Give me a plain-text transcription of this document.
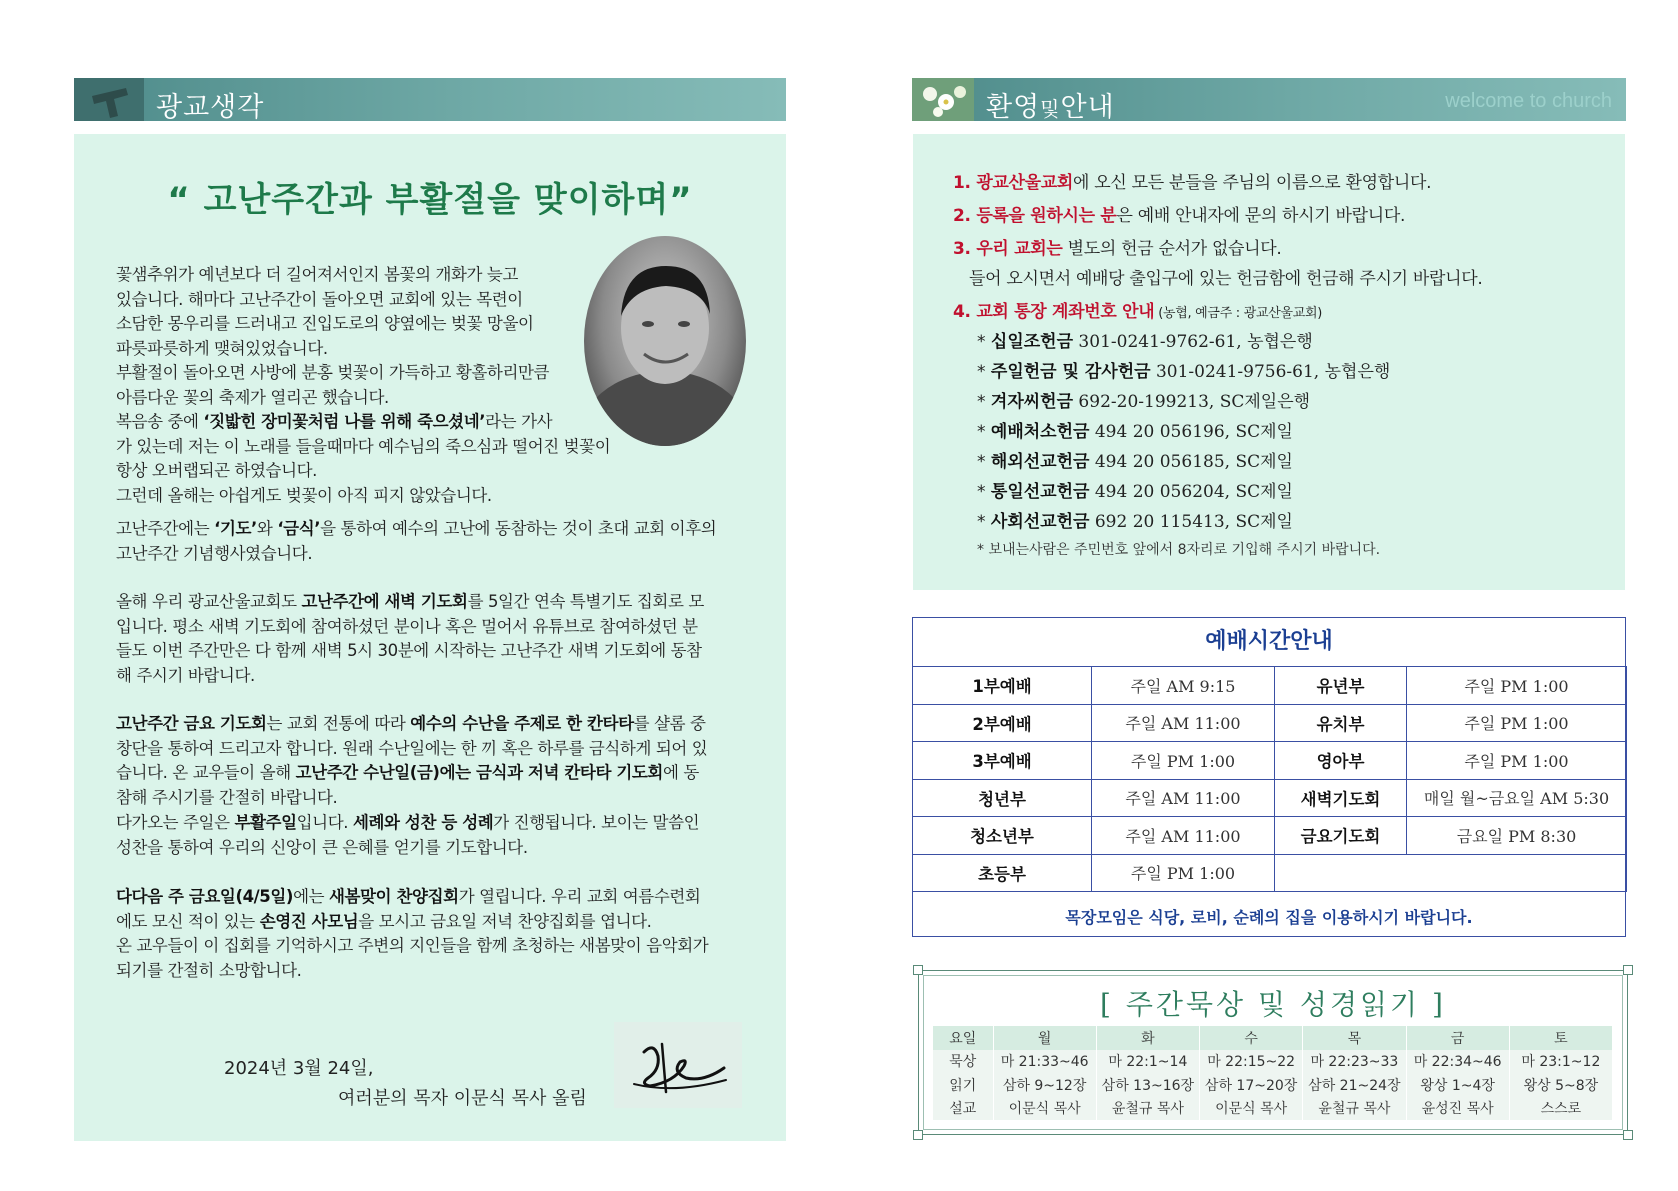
광교생각
“ 고난주간과 부활절을 맞이하며”
꽃샘추위가 예년보다 더 길어져서인지 봄꽃의 개화가 늦고
있습니다. 해마다 고난주간이 돌아오면 교회에 있는 목련이
소담한 몽우리를 드러내고 진입도로의 양옆에는 벚꽃 망울이
파릇파릇하게 맺혀있었습니다.
부활절이 돌아오면 사방에 분홍 벚꽃이 가득하고 황홀하리만큼
아름다운 꽃의 축제가 열리곤 했습니다.
복음송 중에 ‘짓밟힌 장미꽃처럼 나를 위해 죽으셨네’라는 가사
가 있는데 저는 이 노래를 들을때마다 예수님의 죽으심과 떨어진 벚꽃이
항상 오버랩되곤 하였습니다.
그런데 올해는 아쉽게도 벚꽃이 아직 피지 않았습니다.
고난주간에는 ‘기도’와 ‘금식’을 통하여 예수의 고난에 동참하는 것이 초대 교회 이후의
고난주간 기념행사였습니다.
올해 우리 광교산울교회도 고난주간에 새벽 기도회를 5일간 연속 특별기도 집회로 모
입니다. 평소 새벽 기도회에 참여하셨던 분이나 혹은 멀어서 유튜브로 참여하셨던 분
들도 이번 주간만은 다 함께 새벽 5시 30분에 시작하는 고난주간 새벽 기도회에 동참
해 주시기 바랍니다.
고난주간 금요 기도회는 교회 전통에 따라 예수의 수난을 주제로 한 칸타타를 샬롬 중
창단을 통하여 드리고자 합니다. 원래 수난일에는 한 끼 혹은 하루를 금식하게 되어 있
습니다. 온 교우들이 올해 고난주간 수난일(금)에는 금식과 저녁 칸타타 기도회에 동
참해 주시기를 간절히 바랍니다.
다가오는 주일은 부활주일입니다. 세례와 성찬 등 성례가 진행됩니다. 보이는 말씀인
성찬을 통하여 우리의 신앙이 큰 은혜를 얻기를 기도합니다.
다다음 주 금요일(4/5일)에는 새봄맞이 찬양집회가 열립니다. 우리 교회 여름수련회
에도 모신 적이 있는 손영진 사모님을 모시고 금요일 저녁 찬양집회를 엽니다.
온 교우들이 이 집회를 기억하시고 주변의 지인들을 함께 초청하는 새봄맞이 음악회가
되기를 간절히 소망합니다.
2024년 3월 24일,
여러분의 목자 이문식 목사 올림
환영및안내	welcome to church
1. 광교산울교회에 오신 모든 분들을 주님의 이름으로 환영합니다.
2. 등록을 원하시는 분은 예배 안내자에 문의 하시기 바랍니다.
3. 우리 교회는 별도의 헌금 순서가 없습니다.
들어 오시면서 예배당 출입구에 있는 헌금함에 헌금해 주시기 바랍니다.
4. 교회 통장 계좌번호 안내 (농협, 예금주 : 광교산울교회)
* 십일조헌금 301-0241-9762-61, 농협은행
* 주일헌금 및 감사헌금 301-0241-9756-61, 농협은행
* 겨자씨헌금 692-20-199213, SC제일은행
* 예배처소헌금 494 20 056196, SC제일
* 해외선교헌금 494 20 056185, SC제일
* 통일선교헌금 494 20 056204, SC제일
* 사회선교헌금 692 20 115413, SC제일
* 보내는사람은 주민번호 앞에서 8자리로 기입해 주시기 바랍니다.
예배시간안내
1부예배	주일 AM 9:15	유년부	주일 PM 1:00
2부예배	주일 AM 11:00	유치부	주일 PM 1:00
3부예배	주일 PM 1:00	영아부	주일 PM 1:00
청년부	주일 AM 11:00	새벽기도회	매일 월~금요일 AM 5:30
청소년부	주일 AM 11:00	금요기도회	금요일 PM 8:30
초등부	주일 PM 1:00		
목장모임은 식당, 로비, 순례의 집을 이용하시기 바랍니다.
[ 주간묵상 및 성경읽기 ]
요일	월	화	수	목	금	토
묵상	마 21:33~46	마 22:1~14	마 22:15~22	마 22:23~33	마 22:34~46	마 23:1~12
읽기	삼하 9~12장	삼하 13~16장	삼하 17~20장	삼하 21~24장	왕상 1~4장	왕상 5~8장
설교	이문식 목사	윤철규 목사	이문식 목사	윤철규 목사	윤성진 목사	스스로
